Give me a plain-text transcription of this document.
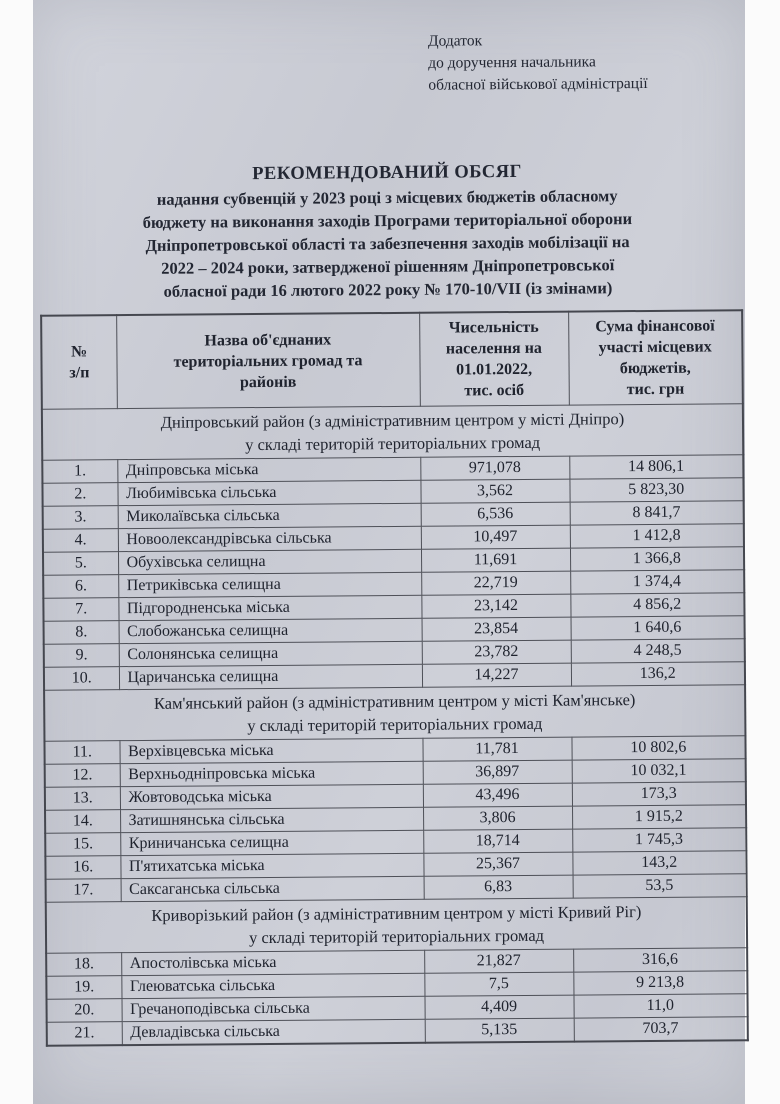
Додаток
до доручення начальника
обласної військової адміністрації
РЕКОМЕНДОВАНИЙ ОБСЯГ
надання субвенцій у 2023 році з місцевих бюджетів обласному
бюджету на виконання заходів Програми територіальної оборони
Дніпропетровської області та забезпечення заходів мобілізації на
2022 – 2024 роки, затвердженої рішенням Дніпропетровської
обласної ради 16 лютого 2022 року № 170-10/VII (із змінами)
№
з/п	Назва об'єднаних
територіальних громад та
районів	Чисельність
населення на
01.01.2022,
тис. осіб	Сума фінансової
участі місцевих
бюджетів,
тис. грн
Дніпровський район (з адміністративним центром у місті Дніпро)
у складі територій територіальних громад			
1.	Дніпровська міська	971,078	14 806,1
2.	Любимівська сільська	3,562	5 823,30
3.	Миколаївська сільська	6,536	8 841,7
4.	Новоолександрівська сільська	10,497	1 412,8
5.	Обухівська селищна	11,691	1 366,8
6.	Петриківська селищна	22,719	1 374,4
7.	Підгородненська міська	23,142	4 856,2
8.	Слобожанська селищна	23,854	1 640,6
9.	Солонянська селищна	23,782	4 248,5
10.	Царичанська селищна	14,227	136,2
Кам'янський район (з адміністративним центром у місті Кам'янське)
у складі територій територіальних громад			
11.	Верхівцевська міська	11,781	10 802,6
12.	Верхньодніпровська міська	36,897	10 032,1
13.	Жовтоводська міська	43,496	173,3
14.	Затишнянська сільська	3,806	1 915,2
15.	Криничанська селищна	18,714	1 745,3
16.	П'ятихатська міська	25,367	143,2
17.	Саксаганська сільська	6,83	53,5
Криворізький район (з адміністративним центром у місті Кривий Ріг)
у складі територій територіальних громад			
18.	Апостолівська міська	21,827	316,6
19.	Глеюватська сільська	7,5	9 213,8
20.	Гречаноподівська сільська	4,409	11,0
21.	Девладівська сільська	5,135	703,7
